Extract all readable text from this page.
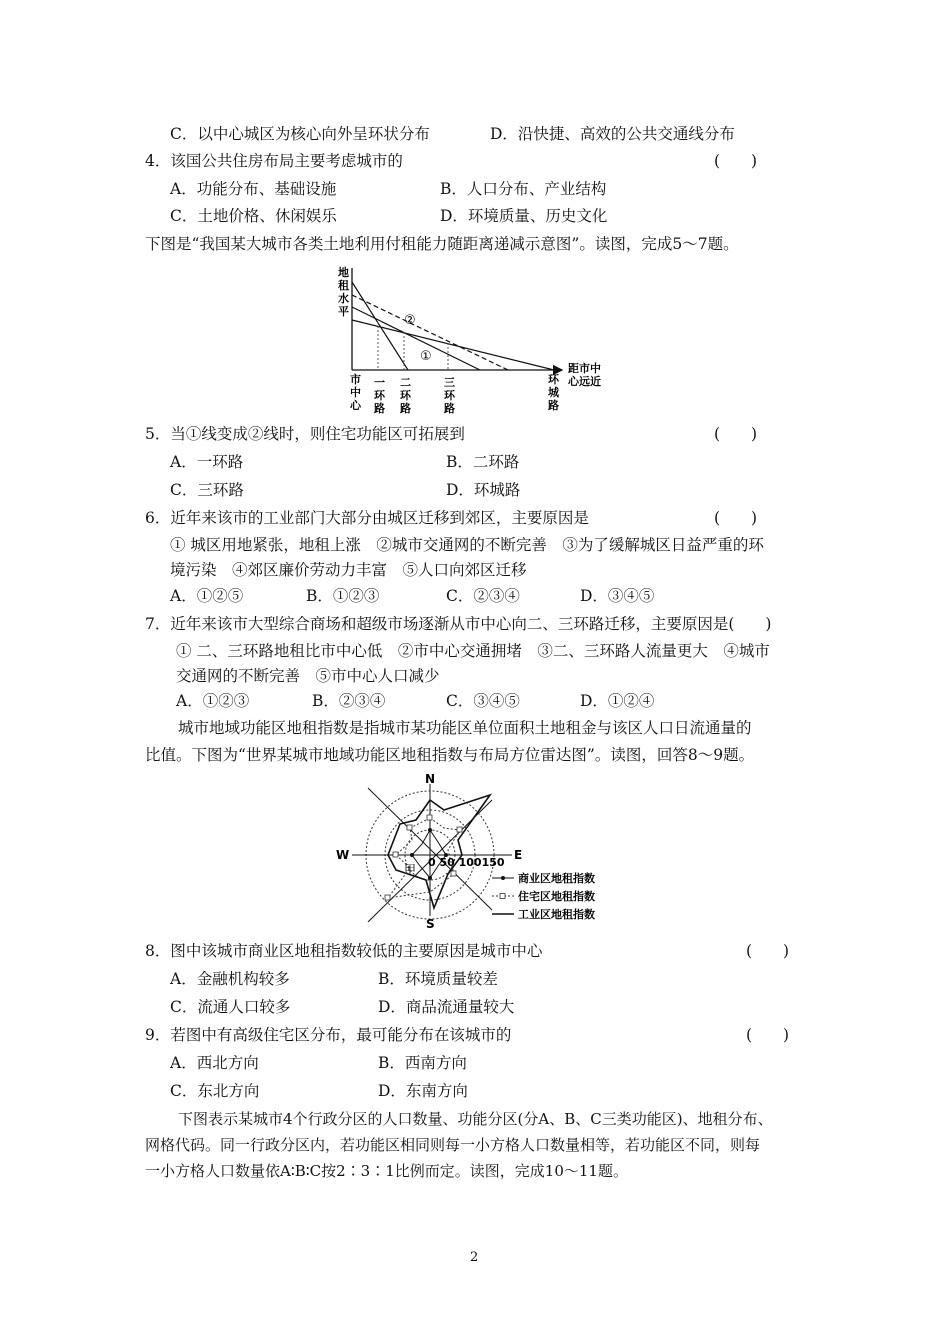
C．以中心城区为核心向外呈环状分布	D．沿快捷、高效的公共交通线分布
4．该国公共住房布局主要考虑城市的	(　　)
A．功能分布、基础设施	B．人口分布、产业结构
C．土地价格、休闲娱乐	D．环境质量、历史文化
下图是“我国某大城市各类土地利用付租能力随距离递减示意图”。读图，完成5～7题。
地
租
水
平
距市中
心远近
②
①
市
中
心
一
环
路
二
环
路
三
环
路
环
城
路
5．当①线变成②线时，则住宅功能区可拓展到	(　　)
A．一环路	B．二环路
C．三环路	D．环城路
6．近年来该市的工业部门大部分由城区迁移到郊区，主要原因是	(　　)
① 城区用地紧张，地租上涨　②城市交通网的不断完善　③为了缓解城区日益严重的环
境污染　④郊区廉价劳动力丰富　⑤人口向郊区迁移
A．①②⑤	B．①②③	C．②③④	D．③④⑤
7．近年来该市大型综合商场和超级市场逐渐从市中心向二、三环路迁移，主要原因是(　　)
① 二、三环路地租比市中心低　②市中心交通拥堵　③二、三环路人流量更大　④城市
交通网的不断完善　⑤市中心人口减少
A．①②③	B．②③④	C．③④⑤	D．①②④
城市地域功能区地租指数是指城市某功能区单位面积土地租金与该区人口日流通量的
比值。下图为“世界某城市地域功能区地租指数与布局方位雷达图”。读图，回答8～9题。
N
S
E
W
0 50 100150
甲
商业区地租指数
住宅区地租指数
工业区地租指数
8．图中该城市商业区地租指数较低的主要原因是城市中心	(　　)
A．金融机构较多	B．环境质量较差
C．流通人口较多	D．商品流通量较大
9．若图中有高级住宅区分布，最可能分布在该城市的	(　　)
A．西北方向	B．西南方向
C．东北方向	D．东南方向
下图表示某城市4个行政分区的人口数量、功能分区(分A、B、C三类功能区)、地租分布、
网格代码。同一行政分区内，若功能区相同则每一小方格人口数量相等，若功能区不同，则每
一小方格人口数量依A∶B∶C按2∶3∶1比例而定。读图，完成10～11题。
2
